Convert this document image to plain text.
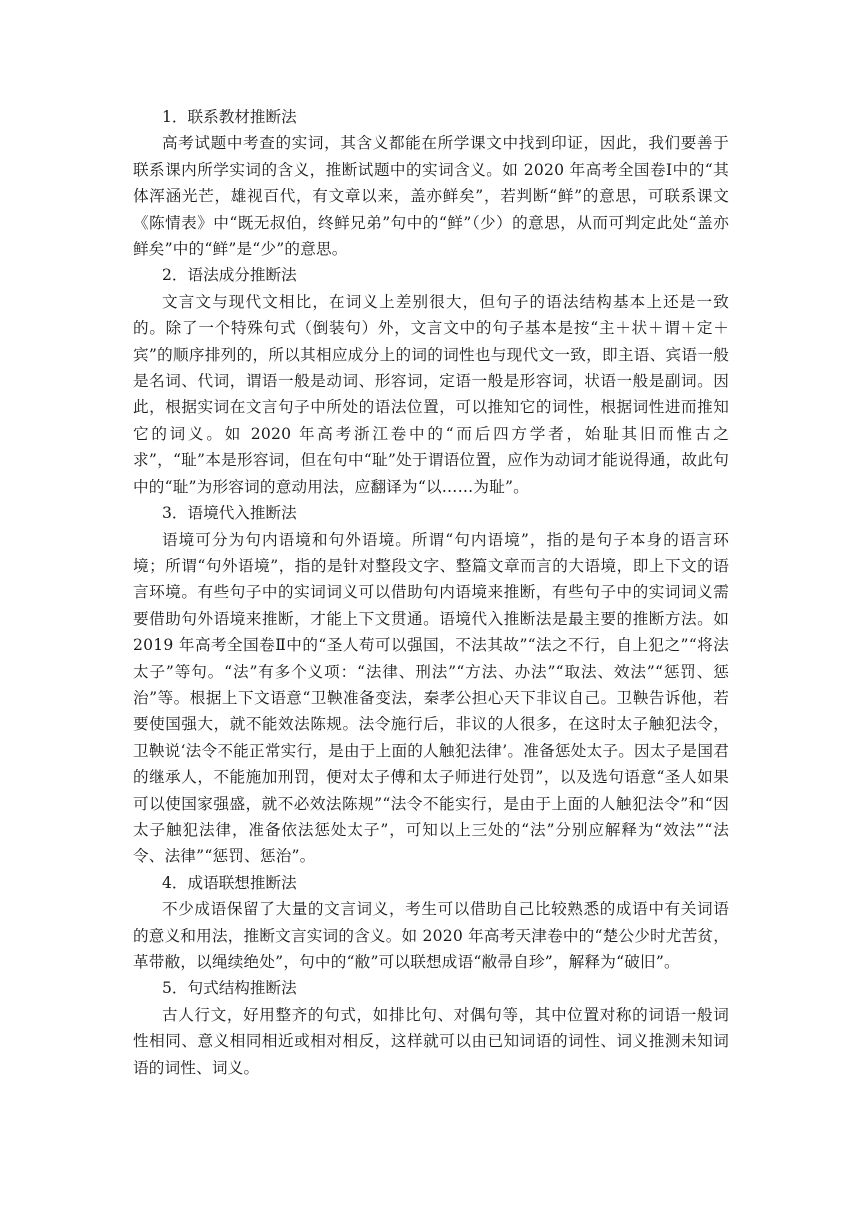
1．联系教材推断法

高考试题中考查的实词，其含义都能在所学课文中找到印证，因此，我们要善于联系课内所学实词的含义，推断试题中的实词含义。如 2020 年高考全国卷Ⅰ中的“其体浑涵光芒，雄视百代，有文章以来，盖亦鲜矣”，若判断“鲜”的意思，可联系课文《陈情表》中“既无叔伯，终鲜兄弟”句中的“鲜”（少）的意思，从而可判定此处“盖亦鲜矣”中的“鲜”是“少”的意思。

2．语法成分推断法

文言文与现代文相比，在词义上差别很大，但句子的语法结构基本上还是一致的。除了一个特殊句式（倒装句）外，文言文中的句子基本是按“主＋状＋谓＋定＋宾”的顺序排列的，所以其相应成分上的词的词性也与现代文一致，即主语、宾语一般是名词、代词，谓语一般是动词、形容词，定语一般是形容词，状语一般是副词。因此，根据实词在文言句子中所处的语法位置，可以推知它的词性，根据词性进而推知它的词义。如 2020 年高考浙江卷中的“而后四方学者，始耻其旧而惟古之求”，“耻”本是形容词，但在句中“耻”处于谓语位置，应作为动词才能说得通，故此句中的“耻”为形容词的意动用法，应翻译为“以……为耻”。

3．语境代入推断法

语境可分为句内语境和句外语境。所谓“句内语境”，指的是句子本身的语言环境；所谓“句外语境”，指的是针对整段文字、整篇文章而言的大语境，即上下文的语言环境。有些句子中的实词词义可以借助句内语境来推断，有些句子中的实词词义需要借助句外语境来推断，才能上下文贯通。语境代入推断法是最主要的推断方法。如 2019 年高考全国卷Ⅱ中的“圣人苟可以强国，不法其故”“法之不行，自上犯之”“将法太子”等句。“法”有多个义项：“法律、刑法”“方法、办法”“取法、效法”“惩罚、惩治”等。根据上下文语意“卫鞅准备变法，秦孝公担心天下非议自己。卫鞅告诉他，若要使国强大，就不能效法陈规。法令施行后，非议的人很多，在这时太子触犯法令，卫鞅说‘法令不能正常实行，是由于上面的人触犯法律’。准备惩处太子。因太子是国君的继承人，不能施加刑罚，便对太子傅和太子师进行处罚”，以及选句语意“圣人如果可以使国家强盛，就不必效法陈规”“法令不能实行，是由于上面的人触犯法令”和“因太子触犯法律，准备依法惩处太子”，可知以上三处的“法”分别应解释为“效法”“法令、法律”“惩罚、惩治”。

4．成语联想推断法

不少成语保留了大量的文言词义，考生可以借助自己比较熟悉的成语中有关词语的意义和用法，推断文言实词的含义。如 2020 年高考天津卷中的“楚公少时尤苦贫，革带敝，以绳续绝处”，句中的“敝”可以联想成语“敝帚自珍”，解释为“破旧”。

5．句式结构推断法

古人行文，好用整齐的句式，如排比句、对偶句等，其中位置对称的词语一般词性相同、意义相同相近或相对相反，这样就可以由已知词语的词性、词义推测未知词语的词性、词义。
